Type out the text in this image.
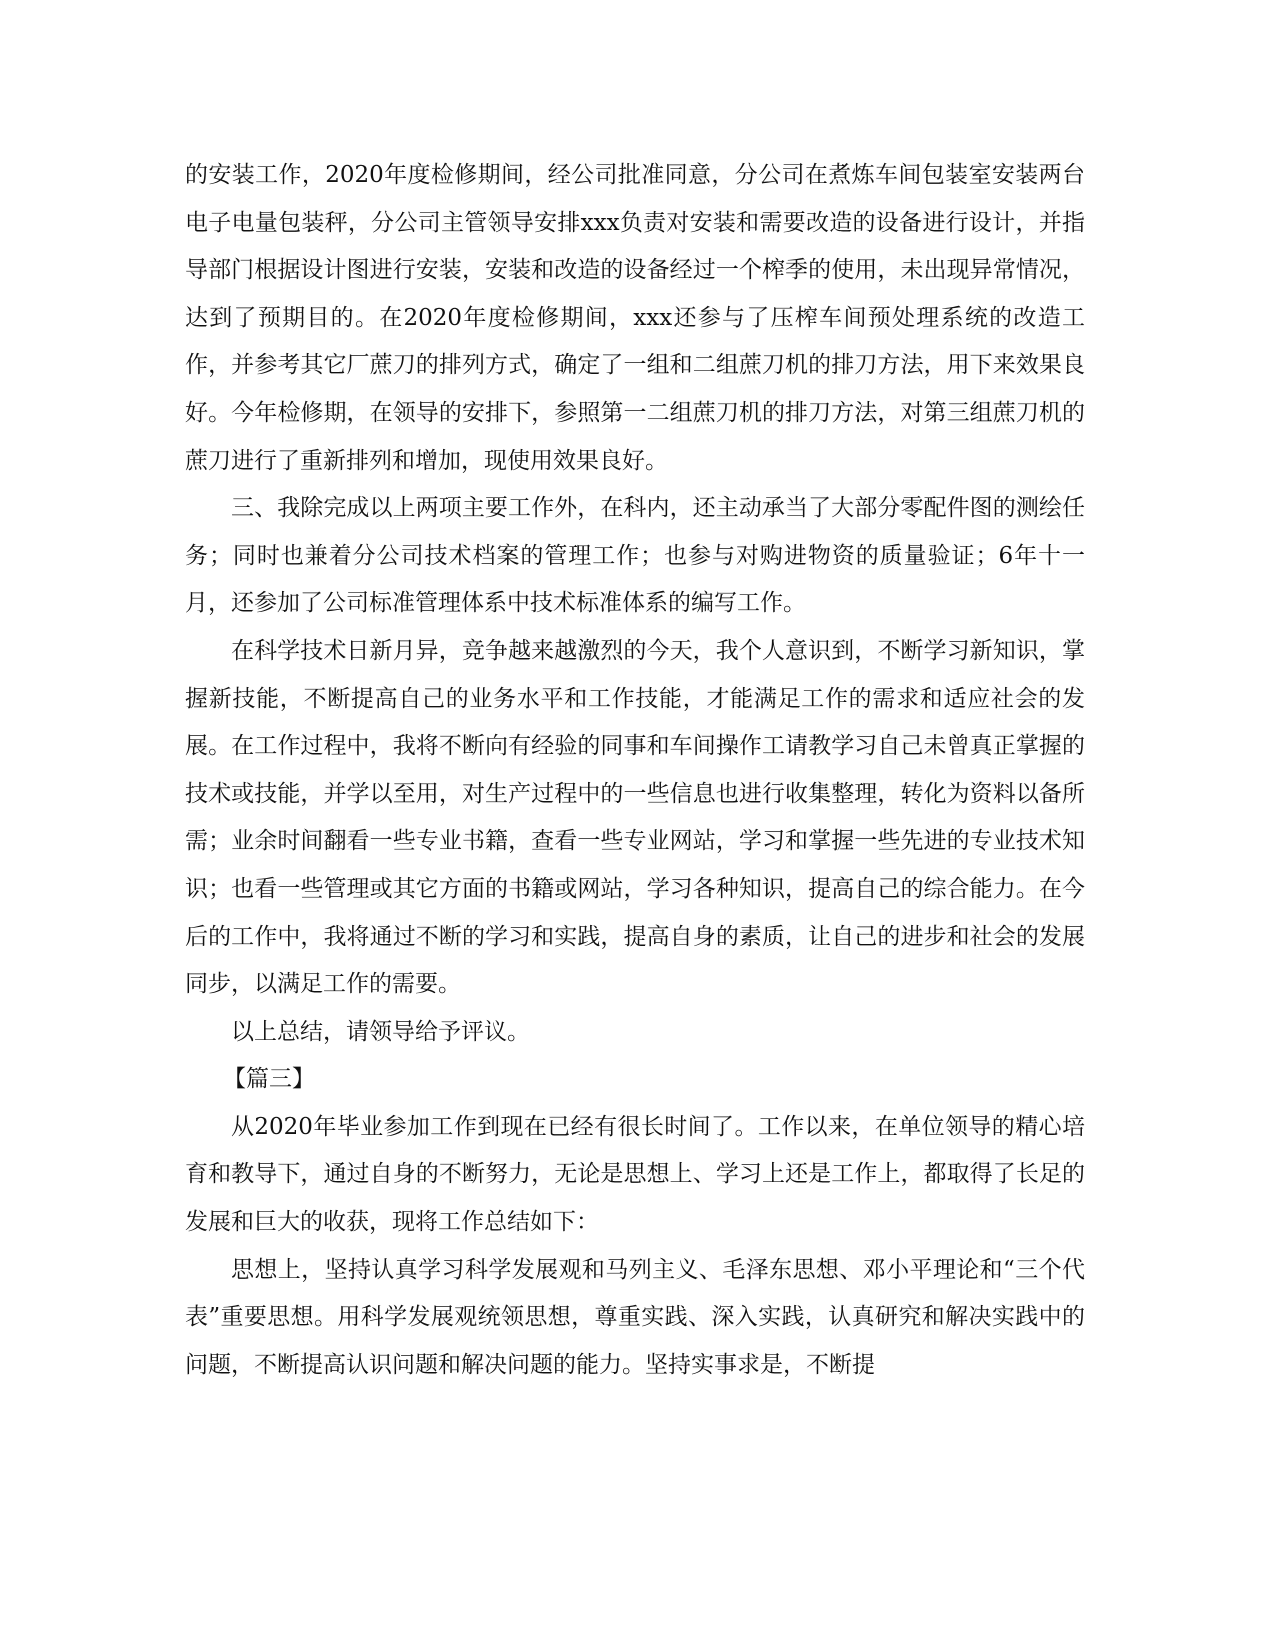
的安装工作，2020年度检修期间，经公司批准同意，分公司在煮炼车间包装室安装两台电子电量包装秤，分公司主管领导安排xxx负责对安装和需要改造的设备进行设计，并指导部门根据设计图进行安装，安装和改造的设备经过一个榨季的使用，未出现异常情况，达到了预期目的。在2020年度检修期间，xxx还参与了压榨车间预处理系统的改造工作，并参考其它厂蔗刀的排列方式，确定了一组和二组蔗刀机的排刀方法，用下来效果良好。今年检修期，在领导的安排下，参照第一二组蔗刀机的排刀方法，对第三组蔗刀机的蔗刀进行了重新排列和增加，现使用效果良好。

三、我除完成以上两项主要工作外，在科内，还主动承当了大部分零配件图的测绘任务；同时也兼着分公司技术档案的管理工作；也参与对购进物资的质量验证；6年十一月，还参加了公司标准管理体系中技术标准体系的编写工作。

在科学技术日新月异，竞争越来越激烈的今天，我个人意识到，不断学习新知识，掌握新技能，不断提高自己的业务水平和工作技能，才能满足工作的需求和适应社会的发展。在工作过程中，我将不断向有经验的同事和车间操作工请教学习自己未曾真正掌握的技术或技能，并学以至用，对生产过程中的一些信息也进行收集整理，转化为资料以备所需；业余时间翻看一些专业书籍，查看一些专业网站，学习和掌握一些先进的专业技术知识；也看一些管理或其它方面的书籍或网站，学习各种知识，提高自己的综合能力。在今后的工作中，我将通过不断的学习和实践，提高自身的素质，让自己的进步和社会的发展同步，以满足工作的需要。

以上总结，请领导给予评议。

【篇三】

从2020年毕业参加工作到现在已经有很长时间了。工作以来，在单位领导的精心培育和教导下，通过自身的不断努力，无论是思想上、学习上还是工作上，都取得了长足的发展和巨大的收获，现将工作总结如下：

思想上，坚持认真学习科学发展观和马列主义、毛泽东思想、邓小平理论和“三个代表”重要思想。用科学发展观统领思想，尊重实践、深入实践，认真研究和解决实践中的问题，不断提高认识问题和解决问题的能力。坚持实事求是，不断提
